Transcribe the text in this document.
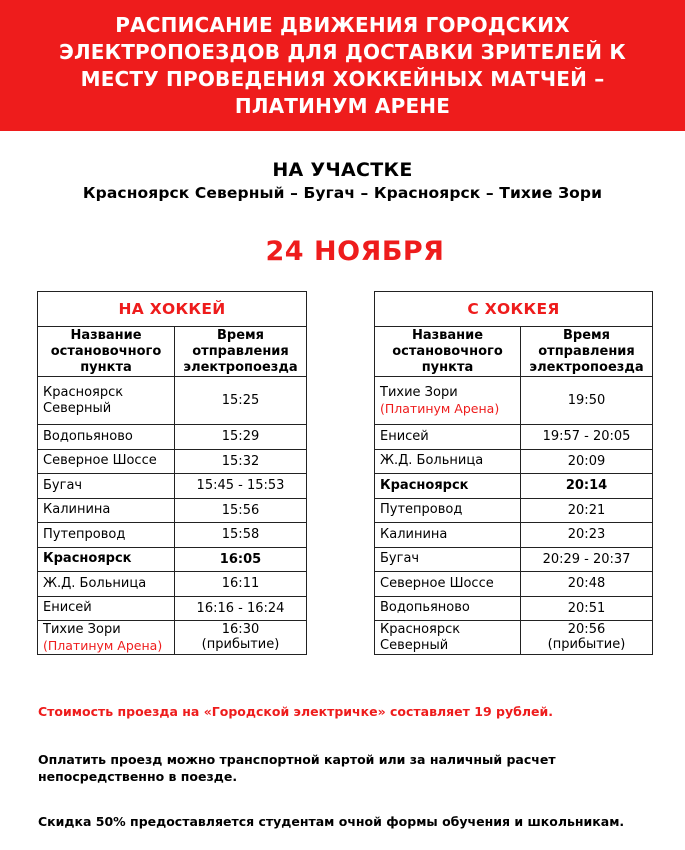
РАСПИСАНИЕ ДВИЖЕНИЯ ГОРОДСКИХ ЭЛЕКТРОПОЕЗДОВ ДЛЯ ДОСТАВКИ ЗРИТЕЛЕЙ К МЕСТУ ПРОВЕДЕНИЯ ХОККЕЙНЫХ МАТЧЕЙ – ПЛАТИНУМ АРЕНЕ
НА УЧАСТКЕ
Красноярск Северный – Бугач – Красноярск – Тихие Зори
24 НОЯБРЯ
НА ХОККЕЙ	
Название остановочного пункта	Время отправления электропоезда

Красноярск Северный	15:25

Водопьяново	15:29

Северное Шоссе	15:32

Бугач	15:45 - 15:53

Калинина	15:56

Путепровод	15:58

Красноярск	16:05

Ж.Д. Больница	16:11

Енисей	16:16 - 16:24

Тихие Зори
(Платинум Арена)	16:30
(прибытие)
С ХОККЕЯ	
Название остановочного пункта	Время отправления электропоезда

Тихие Зори
(Платинум Арена)	19:50

Енисей	19:57 - 20:05

Ж.Д. Больница	20:09

Красноярск	20:14

Путепровод	20:21

Калинина	20:23

Бугач	20:29 - 20:37

Северное Шоссе	20:48

Водопьяново	20:51

Красноярск Северный	20:56
(прибытие)
Стоимость проезда на «Городской электричке» составляет 19 рублей.
Оплатить проезд можно транспортной картой или за наличный расчет непосредственно в поезде.
Скидка 50% предоставляется студентам очной формы обучения и школьникам.
